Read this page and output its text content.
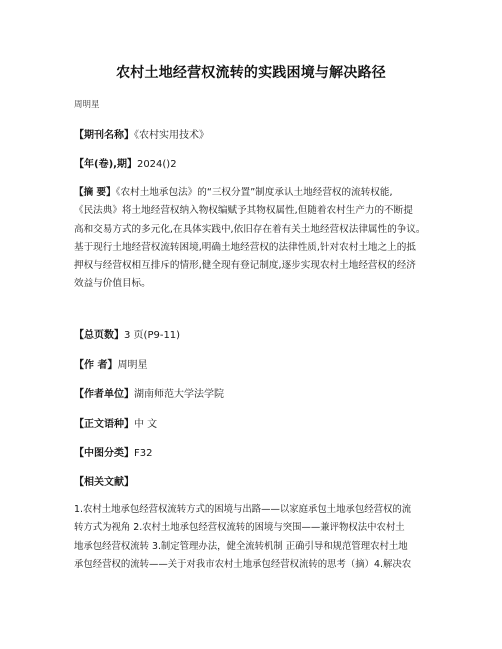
农村土地经营权流转的实践困境与解决路径
周明星
【期刊名称】《农村实用技术》
【年(卷),期】2024()2
【摘 要】《农村土地承包法》的“三权分置”制度承认土地经营权的流转权能,
《民法典》将土地经营权纳入物权编赋予其物权属性,但随着农村生产力的不断提
高和交易方式的多元化,在具体实践中,依旧存在着有关土地经营权法律属性的争议。
基于现行土地经营权流转困境,明确土地经营权的法律性质,针对农村土地之上的抵
押权与经营权相互排斥的情形,健全现有登记制度,逐步实现农村土地经营权的经济
效益与价值目标。
【总页数】3 页(P9-11)
【作 者】周明星
【作者单位】湖南师范大学法学院
【正文语种】中 文
【中图分类】F32
【相关文献】
1.农村土地承包经营权流转方式的困境与出路——以家庭承包土地承包经营权的流
转方式为视角 2.农村土地承包经营权流转的困境与突围——兼评物权法中农村土
地承包经营权流转 3.制定管理办法，健全流转机制 正确引导和规范管理农村土地
承包经营权的流转——关于对我市农村土地承包经营权流转的思考（摘）4.解决农
